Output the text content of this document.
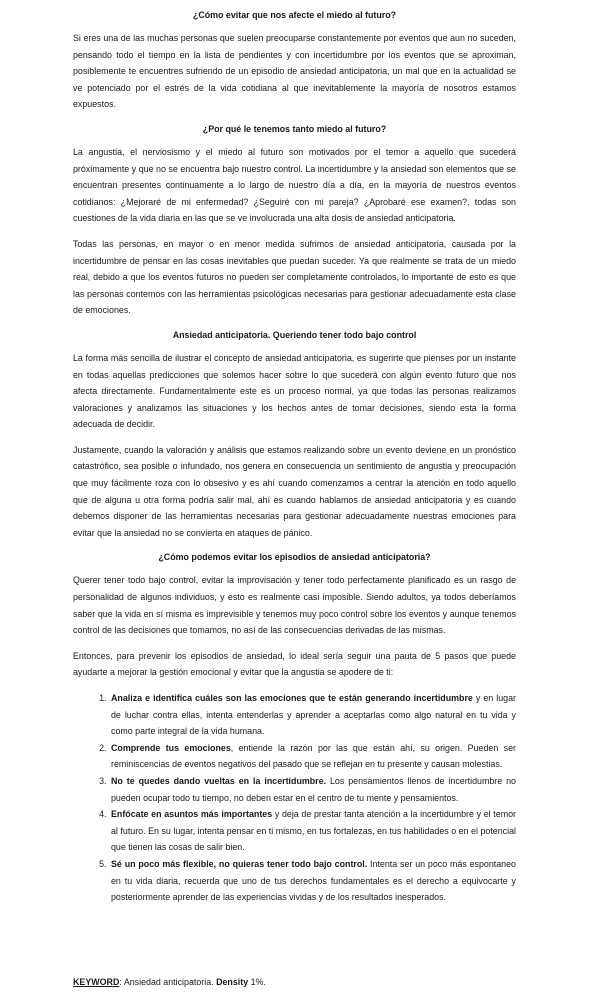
¿Cómo evitar que nos afecte el miedo al futuro?

Si eres una de las muchas personas que suelen preocuparse constantemente por eventos que aun no suceden, pensando todo el tiempo en la lista de pendientes y con incertidumbre por los eventos que se aproximan, posiblemente te encuentres sufriendo de un episodio de ansiedad anticipatoria, un mal que en la actualidad se ve potenciado por el estrés de la vida cotidiana al que inevitablemente la mayoría de nosotros estamos expuestos.

¿Por qué le tenemos tanto miedo al futuro?

La angustia, el nerviosismo y el miedo al futuro son motivados por el temor a aquello que sucederá próximamente y que no se encuentra bajo nuestro control. La incertidumbre y la ansiedad son elementos que se encuentran presentes continuamente a lo largo de nuestro día a día, en la mayoría de nuestros eventos cotidianos: ¿Mejoraré de mi enfermedad? ¿Seguiré con mi pareja? ¿Aprobaré ese examen?, todas son cuestiones de la vida diaria en las que se ve involucrada una alta dosis de ansiedad anticipatoria.

Todas las personas, en mayor o en menor medida sufrimos de ansiedad anticipatoria, causada por la incertidumbre de pensar en las cosas inevitables que puedan suceder. Ya que realmente se trata de un miedo real, debido a que los eventos futuros no pueden ser completamente controlados, lo importante de esto es que las personas contemos con las herramientas psicológicas necesarias para gestionar adecuadamente esta clase de emociones.

Ansiedad anticipatoria. Queriendo tener todo bajo control

La forma más sencilla de ilustrar el concepto de ansiedad anticipatoria, es sugerirte que pienses por un instante en todas aquellas predicciones que solemos hacer sobre lo que sucederá con algún evento futuro que nos afecta directamente. Fundamentalmente este es un proceso normal, ya que todas las personas realizamos valoraciones y analizamos las situaciones y los hechos antes de tomar decisiones, siendo esta la forma adecuada de decidir.

Justamente, cuando la valoración y análisis que estamos realizando sobre un evento deviene en un pronóstico catastrófico, sea posible o infundado, nos genera en consecuencia un sentimiento de angustia y preocupación que muy fácilmente roza con lo obsesivo y es ahí cuando comenzamos a centrar la atención en todo aquello que de alguna u otra forma podría salir mal, ahí es cuando hablamos de ansiedad anticipatoria y es cuando debemos disponer de las herramientas necesarias para gestionar adecuadamente nuestras emociones para evitar que la ansiedad no se convierta en ataques de pánico.

¿Cómo podemos evitar los episodios de ansiedad anticipatoria?

Querer tener todo bajo control, evitar la improvisación y tener todo perfectamente planificado es un rasgo de personalidad de algunos individuos, y esto es realmente casi imposible. Siendo adultos, ya todos deberíamos saber que la vida en sí misma es imprevisible y tenemos muy poco control sobre los eventos y aunque tenemos control de las decisiones que tomamos, no así de las consecuencias derivadas de las mismas.

Entonces, para prevenir los episodios de ansiedad, lo ideal sería seguir una pauta de 5 pasos que puede ayudarte a mejorar la gestión emocional y evitar que la angustia se apodere de ti:

1. Analiza e identifica cuáles son las emociones que te están generando incertidumbre y en lugar de luchar contra ellas, intenta entenderlas y aprender a aceptarlas como algo natural en tu vida y como parte integral de la vida humana.
2. Comprende tus emociones, entiende la razón por las que están ahí, su origen. Pueden ser reminiscencias de eventos negativos del pasado que se reflejan en tu presente y causan molestias.
3. No te quedes dando vueltas en la incertidumbre. Los pensamientos llenos de incertidumbre no pueden ocupar todo tu tiempo, no deben estar en el centro de tu mente y pensamientos.
4. Enfócate en asuntos más importantes y deja de prestar tanta atención a la incertidumbre y el temor al futuro. En su lugar, intenta pensar en ti mismo, en tus fortalezas, en tus habilidades o en el potencial que tienen las cosas de salir bien.
5. Sé un poco más flexible, no quieras tener todo bajo control. Intenta ser un poco más espontaneo en tu vida diaria, recuerda que uno de tus derechos fundamentales es el derecho a equivocarte y posteriormente aprender de las experiencias vividas y de los resultados inesperados.
KEYWORD: Ansiedad anticipatoria. Density 1%.
